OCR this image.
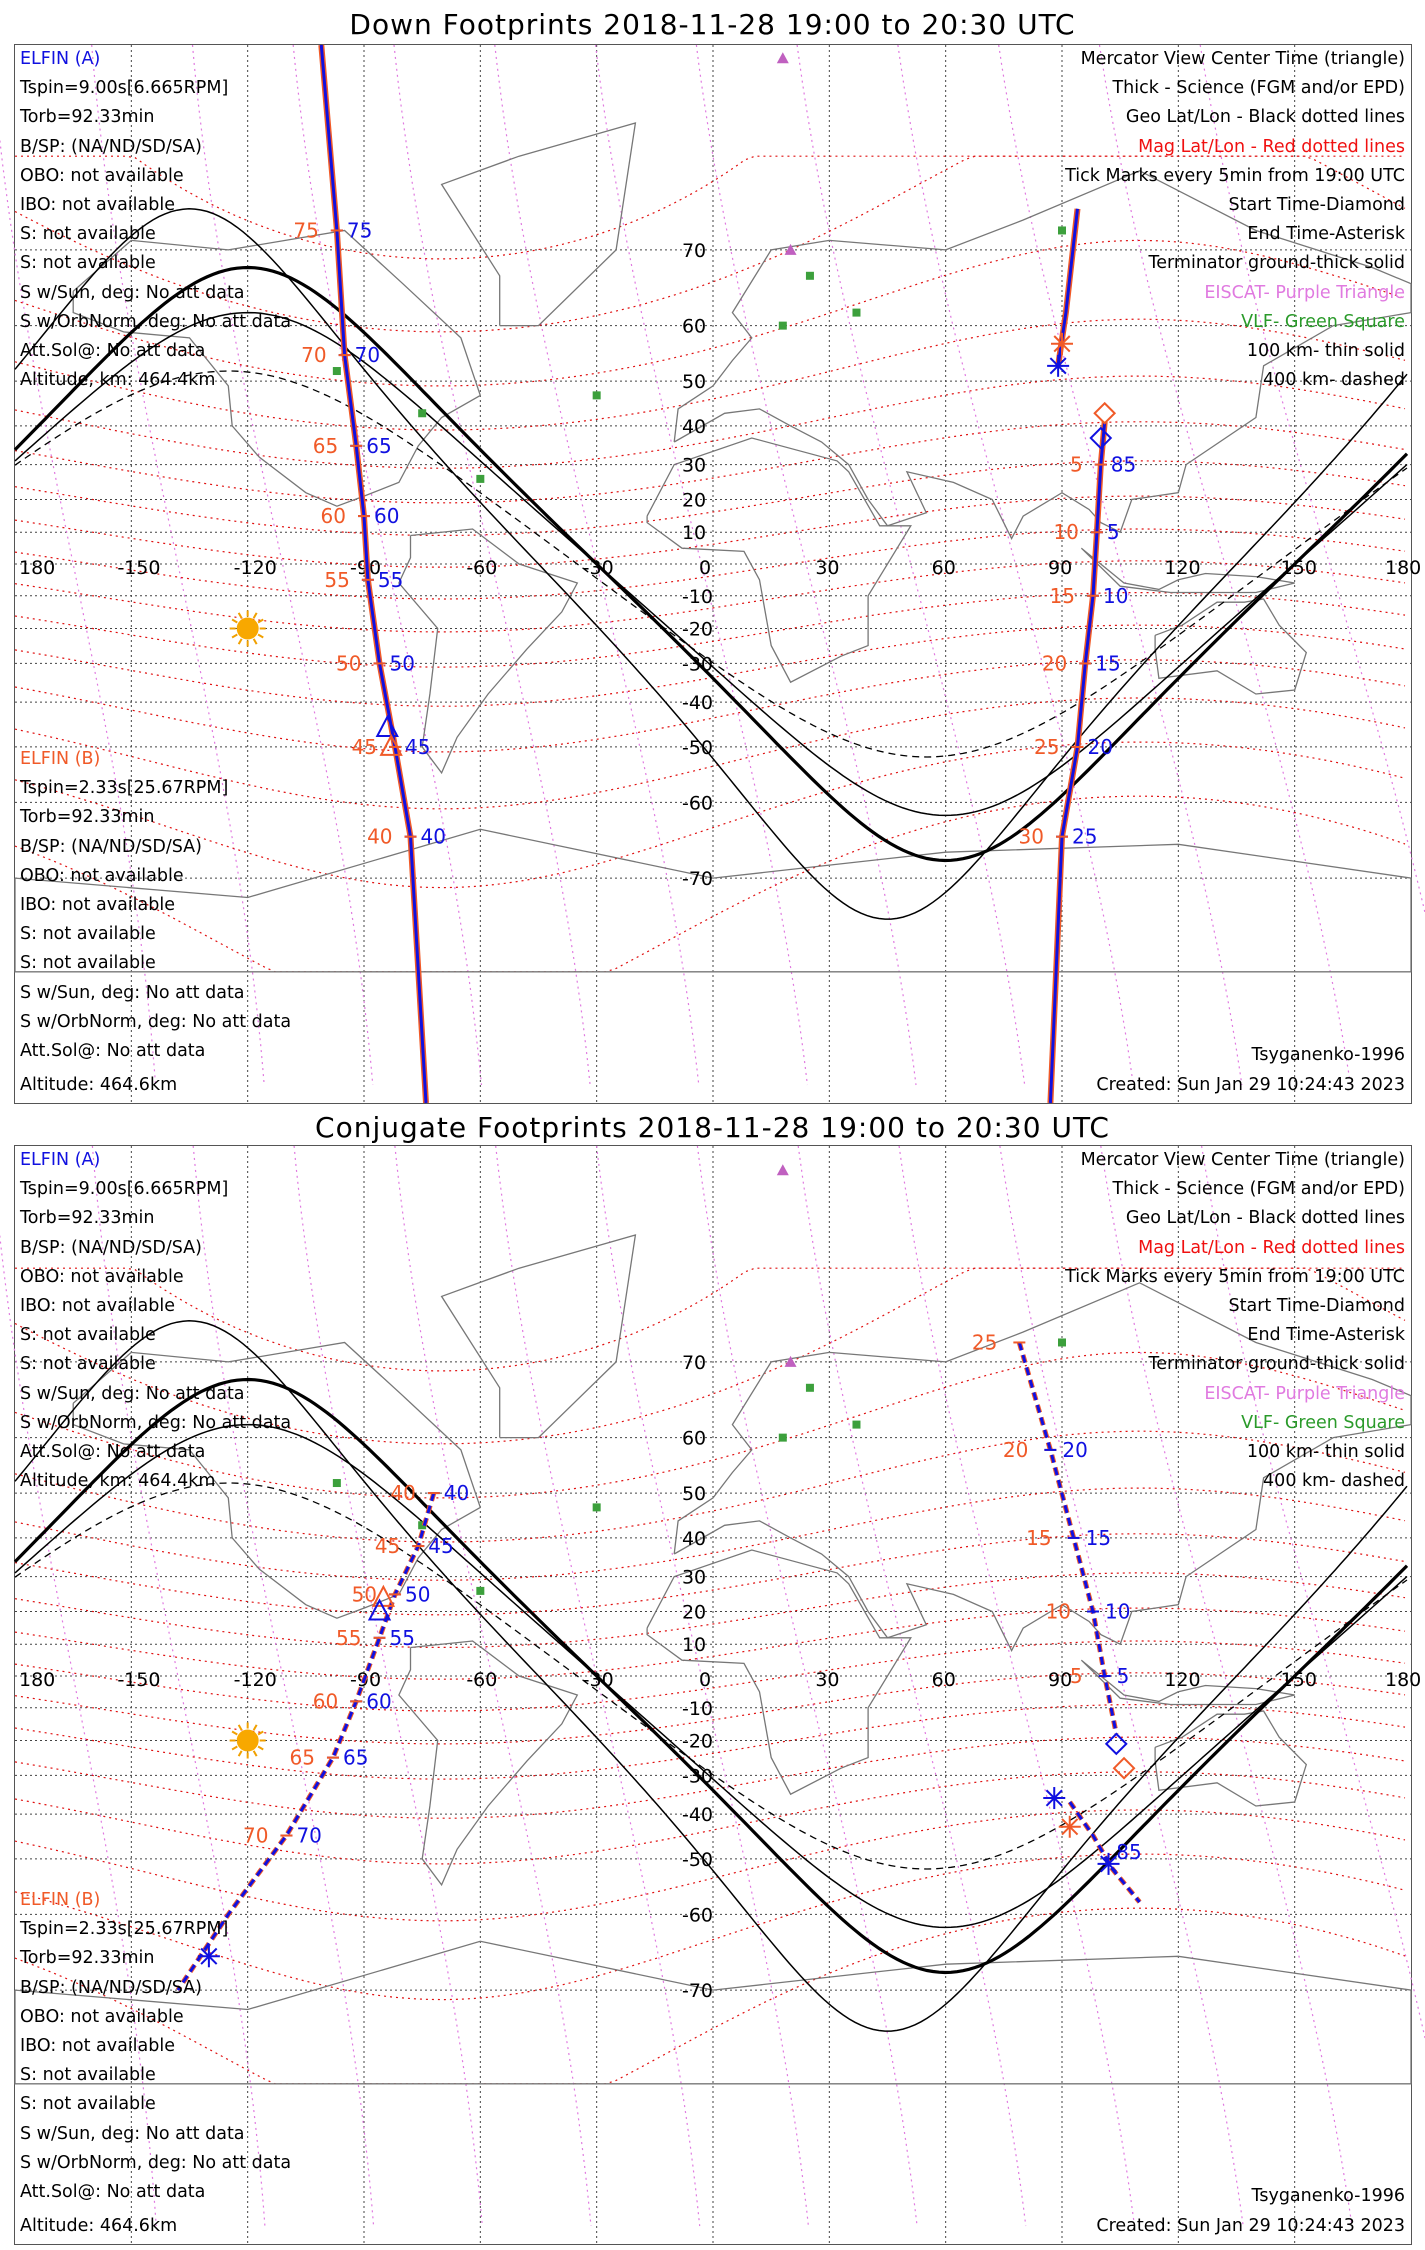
Down Footprints 2018-11-28 19:00 to 20:30 UTC
180	-150	-120	-90	-60	-30	0	30	60	90	120	150	180
70
60
50
40
30
20
10
-10
-20
-30
-40
-50
-60
-70
75
70
65
60
55
50
45
40
75
70
65
60
55
50
45
40
85
5
10
15
20
25
5
10
15
20
25
30
ELFIN (A)
Tspin=9.00s[6.665RPM]
Torb=92.33min
B/SP: (NA/ND/SD/SA)
OBO: not available
IBO: not available
S: not available
S: not available
S w/Sun, deg: No att data
S w/OrbNorm, deg: No att data
Att.Sol@: No att data
Altitude, km: 464.4km
ELFIN (B)
Tspin=2.33s[25.67RPM]
Torb=92.33min
B/SP: (NA/ND/SD/SA)
OBO: not available
IBO: not available
S: not available
S: not available
S w/Sun, deg: No att data
S w/OrbNorm, deg: No att data
Att.Sol@: No att data
Altitude: 464.6km
Mercator View Center Time (triangle)
Thick - Science (FGM and/or EPD)
Geo Lat/Lon - Black dotted lines
Mag Lat/Lon - Red dotted lines
Tick Marks every 5min from 19:00 UTC
Start Time-Diamond
End Time-Asterisk
Terminator ground-thick solid
EISCAT- Purple Triangle
VLF- Green Square
100 km- thin solid
400 km- dashed
Tsyganenko-1996
Created: Sun Jan 29 10:24:43 2023
Conjugate Footprints 2018-11-28 19:00 to 20:30 UTC
180	-150	-120	-90	-60	-30	0	30	60	90	120	150	180
70
60
50
40
30
20
10
-10
-20
-30
-40
-50
-60
-70
40
45
50
55
60
65
70
40
45
50
55
60
65
70
25
20
15
10
5
20
15
10
5
85
ELFIN (A)
Tspin=9.00s[6.665RPM]
Torb=92.33min
B/SP: (NA/ND/SD/SA)
OBO: not available
IBO: not available
S: not available
S: not available
S w/Sun, deg: No att data
S w/OrbNorm, deg: No att data
Att.Sol@: No att data
Altitude, km: 464.4km
ELFIN (B)
Tspin=2.33s[25.67RPM]
Torb=92.33min
B/SP: (NA/ND/SD/SA)
OBO: not available
IBO: not available
S: not available
S: not available
S w/Sun, deg: No att data
S w/OrbNorm, deg: No att data
Att.Sol@: No att data
Altitude: 464.6km
Mercator View Center Time (triangle)
Thick - Science (FGM and/or EPD)
Geo Lat/Lon - Black dotted lines
Mag Lat/Lon - Red dotted lines
Tick Marks every 5min from 19:00 UTC
Start Time-Diamond
End Time-Asterisk
Terminator ground-thick solid
EISCAT- Purple Triangle
VLF- Green Square
100 km- thin solid
400 km- dashed
Tsyganenko-1996
Created: Sun Jan 29 10:24:43 2023
